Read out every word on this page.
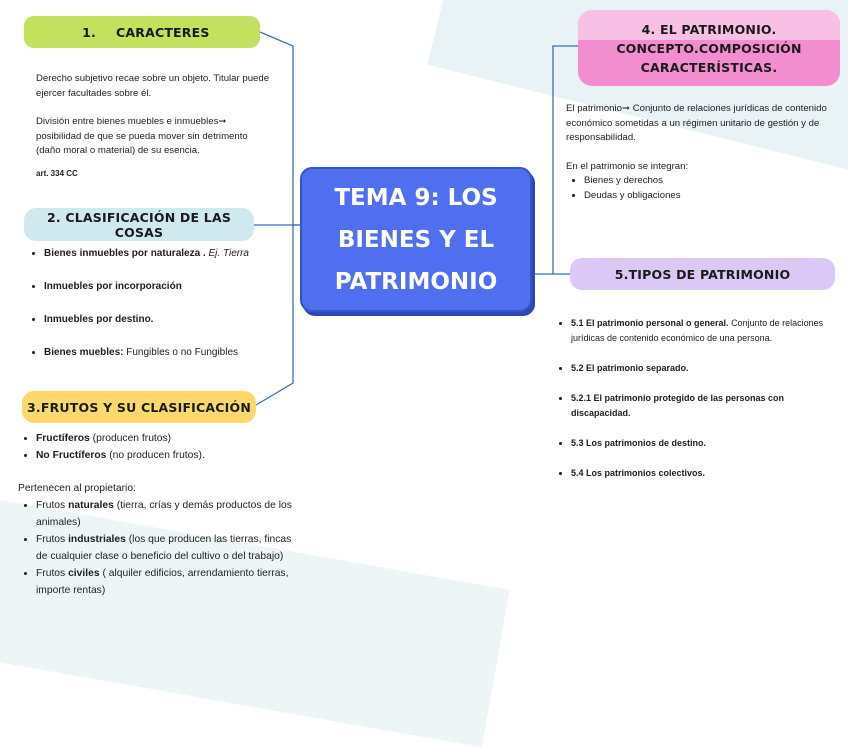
1.	CARACTERES

Derecho subjetivo recae sobre un objeto. Titular puede ejercer facultades sobre él.

División entre bienes muebles e inmuebles➞ posibilidad de que se pueda mover sin detrimento (daño moral o material) de su esencia.

art. 334 CC

2. CLASIFICACIÓN DE LAS COSAS
• Bienes inmuebles por naturaleza . Ej. Tierra
• Inmuebles por incorporación
• Inmuebles por destino.
• Bienes muebles: Fungibles o no Fungibles
3.FRUTOS Y SU CLASIFICACIÓN
• Fructíferos (producen frutos)
• No Fructíferos (no producen frutos).

Pertenecen al propietario:

• Frutos naturales (tierra, crías y demás productos de los animales)
• Frutos industriales (los que producen las tierras, fincas de cualquier clase o beneficio del cultivo o del trabajo)
• Frutos civiles ( alquiler edificios, arrendamiento tierras, importe rentas)
TEMA 9: LOS BIENES Y EL PATRIMONIO
4. EL PATRIMONIO.
CONCEPTO.COMPOSICIÓN
CARACTERÍSTICAS.

El patrimonio➞ Conjunto de relaciones jurídicas de contenido económico sometidas a un régimen unitario de gestión y de responsabilidad.

En el patrimonio se integran:

• Bienes y derechos
• Deudas y obligaciones
5.TIPOS DE PATRIMONIO
• 5.1 El patrimonio personal o general. Conjunto de relaciones jurídicas de contenido económico de una persona.
• 5.2 El patrimonio separado.
• 5.2.1 El patrimonio protegido de las personas con discapacidad.
• 5.3 Los patrimonios de destino.
• 5.4 Los patrimonios colectivos.
